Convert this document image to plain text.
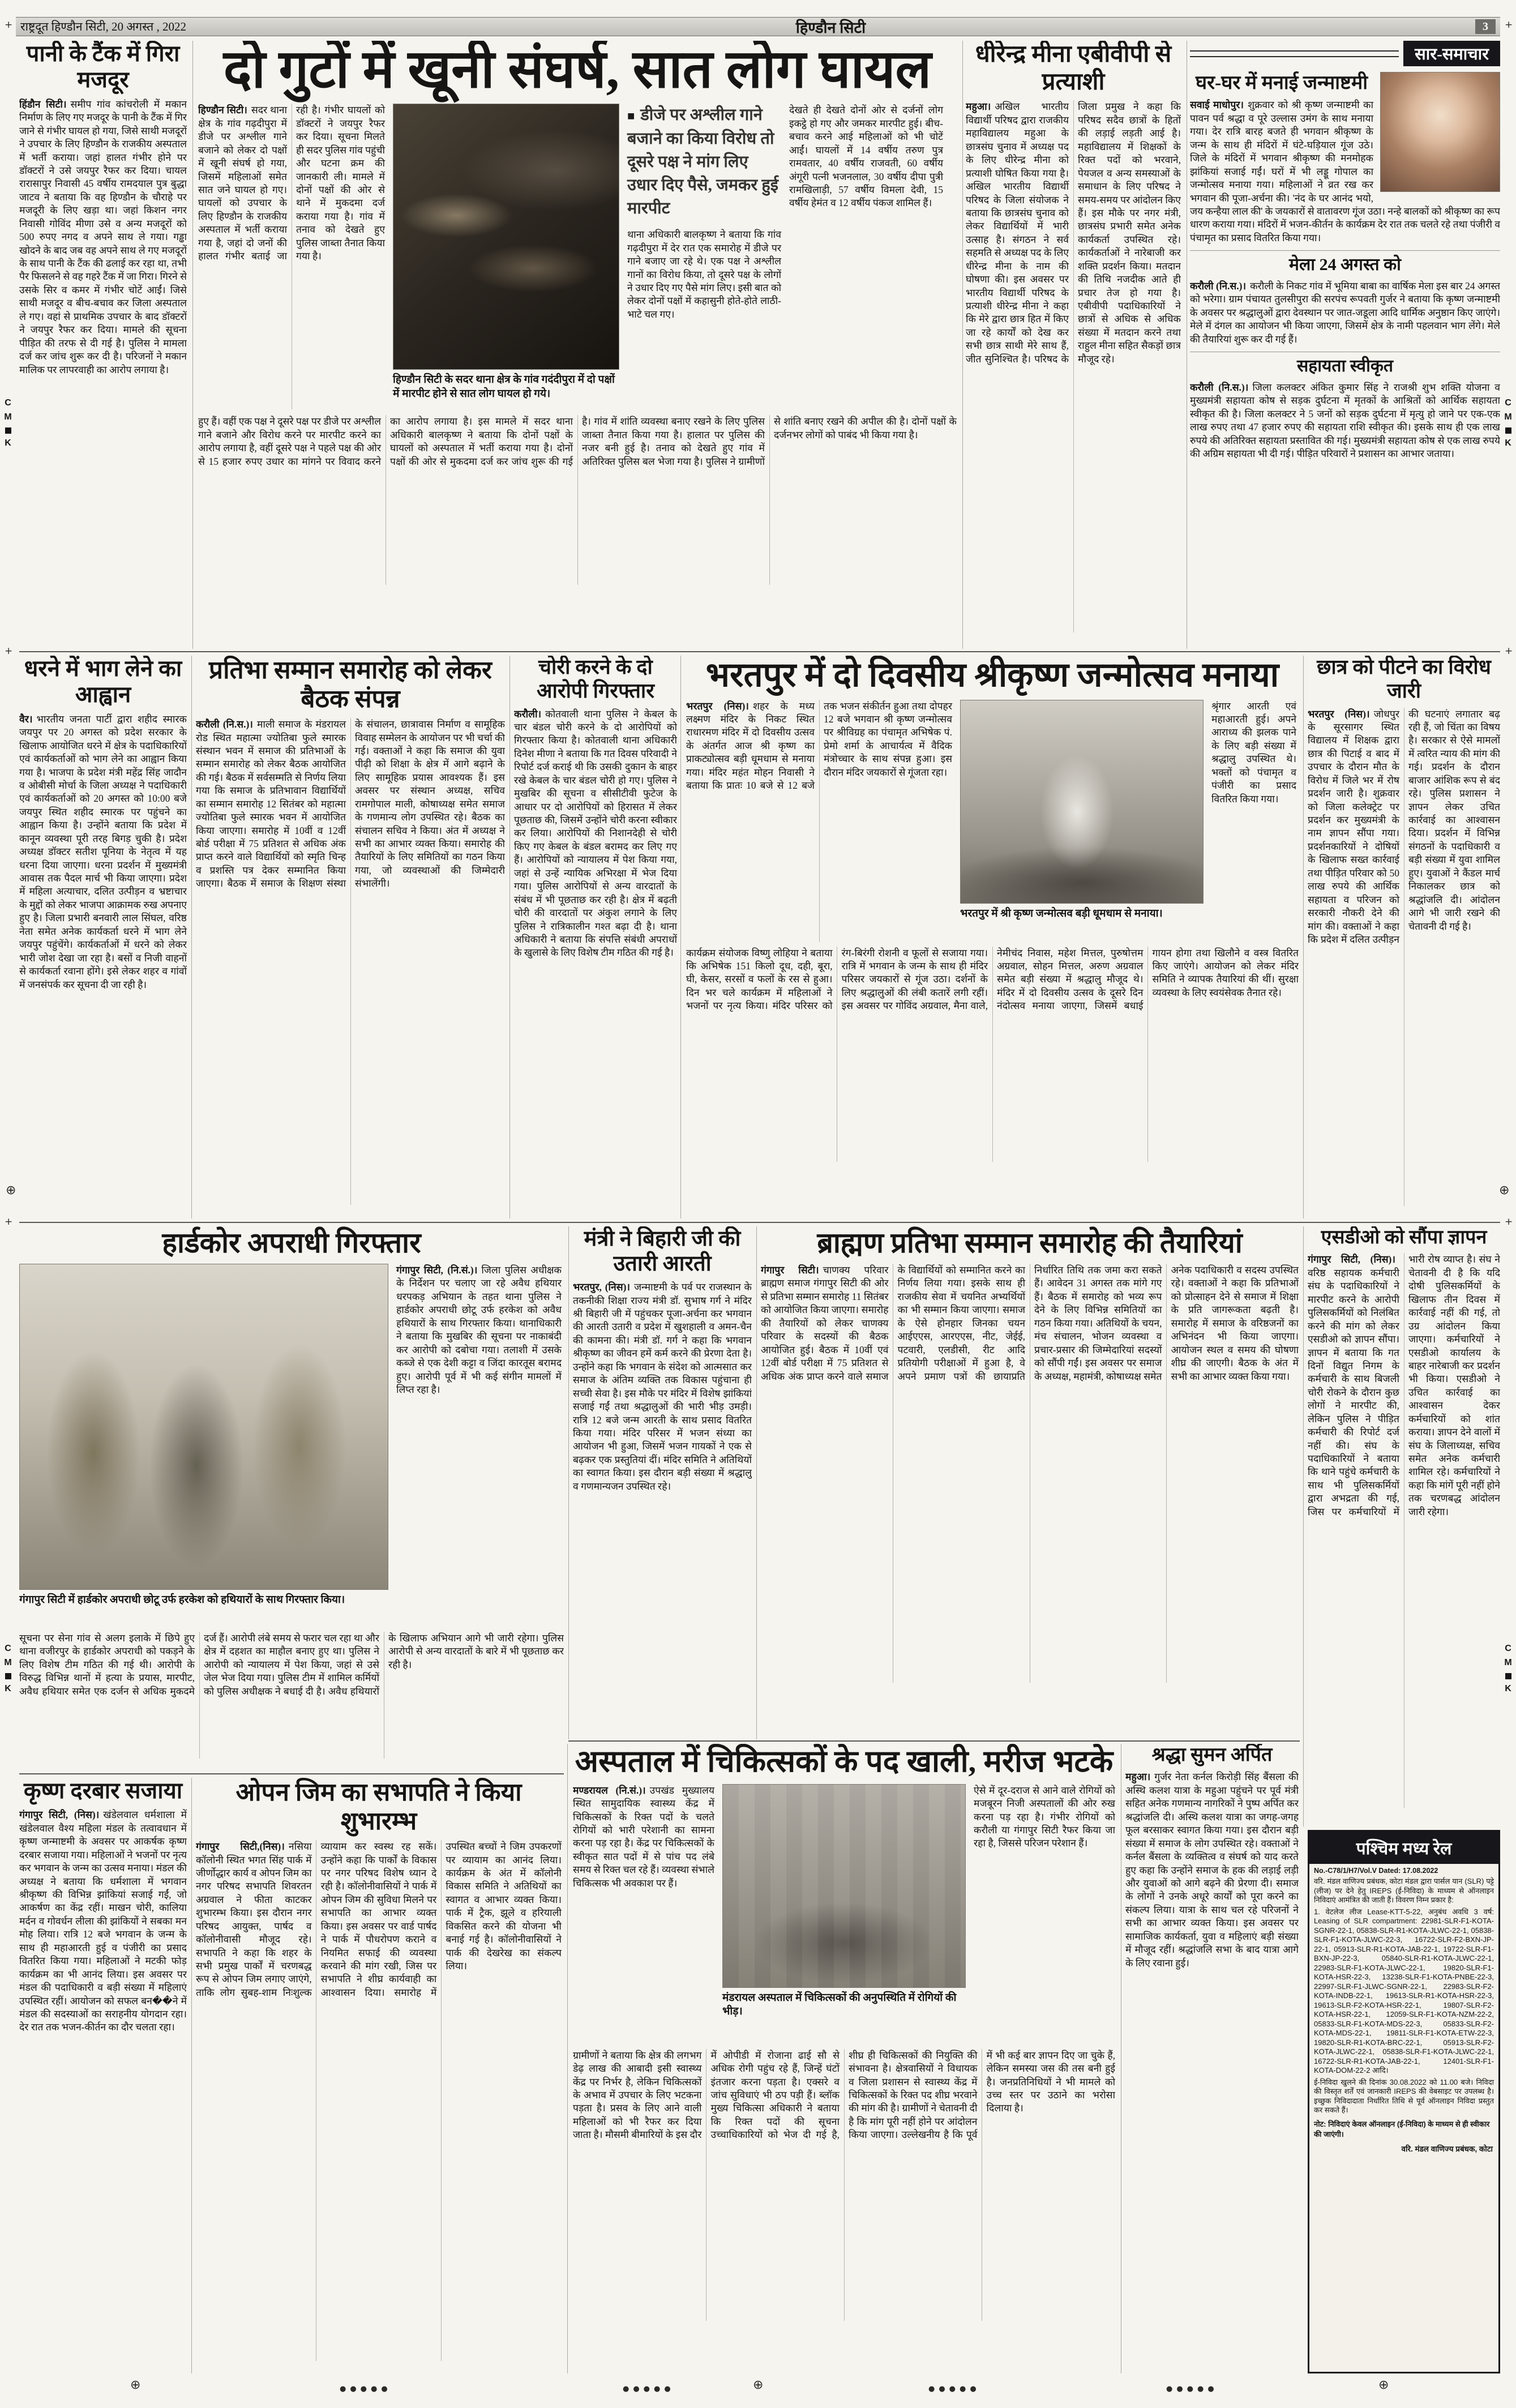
राष्ट्रदूत हिण्डौन सिटी, 20 अगस्त , 2022	हिण्डौन सिटी	3
पानी के टैंक में गिरा मजदूर
हिंडौन सिटी। समीप गांव कांचरोली में मकान निर्माण के लिए गए मजदूर के पानी के टैंक में गिर जाने से गंभीर घायल हो गया, जिसे साथी मजदूरों ने उपचार के लिए हिण्डौन के राजकीय अस्पताल में भर्ती कराया। जहां हालत गंभीर होने पर डॉक्टरों ने उसे जयपुर रैफर कर दिया। चायल रारासापुर निवासी 45 वर्षीय रामदयाल पुत्र बुद्धा जाटव ने बताया कि वह हिण्डौन के चौराहे पर मजदूरी के लिए खड़ा था। जहां किशन नगर निवासी गोविंद मीणा उसे व अन्य मजदूरों को 500 रुपए नगद व अपने साथ ले गया। गड्ढा खोदने के बाद जब वह अपने साथ ले गए मजदूरों के साथ पानी के टैंक की ढलाई कर रहा था, तभी पैर फिसलने से वह गहरे टैंक में जा गिरा। गिरने से उसके सिर व कमर में गंभीर चोटें आईं। जिसे साथी मजदूर व बीच-बचाव कर जिला अस्पताल ले गए। वहां से प्राथमिक उपचार के बाद डॉक्टरों ने जयपुर रैफर कर दिया। मामले की सूचना पीड़ित की तरफ से दी गई है। पुलिस ने मामला दर्ज कर जांच शुरू कर दी है। परिजनों ने मकान मालिक पर लापरवाही का आरोप लगाया है।
दो गुटों में खूनी संघर्ष, सात लोग घायल
हिण्डौन सिटी। सदर थाना क्षेत्र के गांव गढ़दीपुरा में डीजे पर अश्लील गाने बजाने को लेकर दो पक्षों में खूनी संघर्ष हो गया, जिसमें महिलाओं समेत सात जने घायल हो गए। घायलों को उपचार के लिए हिण्डौन के राजकीय अस्पताल में भर्ती कराया गया है, जहां दो जनों की हालत गंभीर बताई जा रही है। गंभीर घायलों को डॉक्टरों ने जयपुर रैफर कर दिया। सूचना मिलते ही सदर पुलिस गांव पहुंची और घटना क्रम की जानकारी ली। मामले में दोनों पक्षों की ओर से थाने में मुकदमा दर्ज कराया गया है। गांव में तनाव को देखते हुए पुलिस जाब्ता तैनात किया गया है।
हिण्डौन सिटी के सदर थाना क्षेत्र के गांव गदंदीपुरा में दो पक्षों में मारपीट होने से सात लोग घायल हो गये।
■ डीजे पर अश्लील गाने बजाने का किया विरोध तो दूसरे पक्ष ने मांग लिए उधार दिए पैसे, जमकर हुई मारपीट
थाना अधिकारी बालकृष्ण ने बताया कि गांव गढ़दीपुरा में देर रात एक समारोह में डीजे पर गाने बजाए जा रहे थे। एक पक्ष ने अश्लील गानों का विरोध किया, तो दूसरे पक्ष के लोगों ने उधार दिए गए पैसे मांग लिए। इसी बात को लेकर दोनों पक्षों में कहासुनी होते-होते लाठी-भाटे चल गए।
देखते ही देखते दोनों ओर से दर्जनों लोग इकट्ठे हो गए और जमकर मारपीट हुई। बीच-बचाव करने आई महिलाओं को भी चोटें आईं। घायलों में 14 वर्षीय तरुण पुत्र रामवतार, 40 वर्षीय राजवती, 60 वर्षीय अंगूरी पत्नी भजनलाल, 30 वर्षीय दीपा पुत्री रामखिलाड़ी, 57 वर्षीय विमला देवी, 15 वर्षीय हेमंत व 12 वर्षीय पंकज शामिल हैं।
हुए हैं। वहीं एक पक्ष ने दूसरे पक्ष पर डीजे पर अश्लील गाने बजाने और विरोध करने पर मारपीट करने का आरोप लगाया है, वहीं दूसरे पक्ष ने पहले पक्ष की ओर से 15 हजार रुपए उधार का मांगने पर विवाद करने का आरोप लगाया है। इस मामले में सदर थाना अधिकारी बालकृष्ण ने बताया कि दोनों पक्षों के घायलों को अस्पताल में भर्ती कराया गया है। दोनों पक्षों की ओर से मुकदमा दर्ज कर जांच शुरू की गई है। गांव में शांति व्यवस्था बनाए रखने के लिए पुलिस जाब्ता तैनात किया गया है। हालात पर पुलिस की नजर बनी हुई है। तनाव को देखते हुए गांव में अतिरिक्त पुलिस बल भेजा गया है। पुलिस ने ग्रामीणों से शांति बनाए रखने की अपील की है। दोनों पक्षों के दर्जनभर लोगों को पाबंद भी किया गया है।
धीरेन्द्र मीना एबीवीपी से प्रत्याशी
महुआ। अखिल भारतीय विद्यार्थी परिषद द्वारा राजकीय महाविद्यालय महुआ के छात्रसंघ चुनाव में अध्यक्ष पद के लिए धीरेन्द्र मीना को प्रत्याशी घोषित किया गया है। अखिल भारतीय विद्यार्थी परिषद के जिला संयोजक ने बताया कि छात्रसंघ चुनाव को लेकर विद्यार्थियों में भारी उत्साह है। संगठन ने सर्व सहमति से अध्यक्ष पद के लिए धीरेन्द्र मीना के नाम की घोषणा की। इस अवसर पर भारतीय विद्यार्थी परिषद के प्रत्याशी धीरेन्द्र मीना ने कहा कि मेरे द्वारा छात्र हित में किए जा रहे कार्यों को देख कर सभी छात्र साथी मेरे साथ हैं, जीत सुनिश्चित है। परिषद के जिला प्रमुख ने कहा कि परिषद सदैव छात्रों के हितों की लड़ाई लड़ती आई है। महाविद्यालय में शिक्षकों के रिक्त पदों को भरवाने, पेयजल व अन्य समस्याओं के समाधान के लिए परिषद ने समय-समय पर आंदोलन किए हैं। इस मौके पर नगर मंत्री, छात्रसंघ प्रभारी समेत अनेक कार्यकर्ता उपस्थित रहे। कार्यकर्ताओं ने नारेबाजी कर शक्ति प्रदर्शन किया। मतदान की तिथि नजदीक आते ही प्रचार तेज हो गया है। एबीवीपी पदाधिकारियों ने छात्रों से अधिक से अधिक संख्या में मतदान करने तथा राहुल मीना सहित सैकड़ों छात्र मौजूद रहे।
सार-समाचार
घर-घर में मनाई जन्माष्टमी
सवाई माधोपुर। शुक्रवार को श्री कृष्ण जन्माष्टमी का पावन पर्व श्रद्धा व पूरे उल्लास उमंग के साथ मनाया गया। देर रात्रि बारह बजते ही भगवान श्रीकृष्ण के जन्म के साथ ही मंदिरों में घंटे-घड़ियाल गूंज उठे। जिले के मंदिरों में भगवान श्रीकृष्ण की मनमोहक झांकियां सजाई गईं। घरों में भी लड्डू गोपाल का जन्मोत्सव मनाया गया। महिलाओं ने व्रत रख कर भगवान की पूजा-अर्चना की। 'नंद के घर आनंद भयो, जय कन्हैया लाल की' के जयकारों से वातावरण गूंज उठा। नन्हे बालकों को श्रीकृष्ण का रूप धारण कराया गया। मंदिरों में भजन-कीर्तन के कार्यक्रम देर रात तक चलते रहे तथा पंजीरी व पंचामृत का प्रसाद वितरित किया गया।
मेला 24 अगस्त को
करौली (नि.स.)। करौली के निकट गांव में भूमिया बाबा का वार्षिक मेला इस बार 24 अगस्त को भरेगा। ग्राम पंचायत तुलसीपुरा की सरपंच रूपवती गुर्जर ने बताया कि कृष्ण जन्माष्टमी के अवसर पर श्रद्धालुओं द्वारा देवस्थान पर जात-जडूला आदि धार्मिक अनुष्ठान किए जाएंगे। मेले में दंगल का आयोजन भी किया जाएगा, जिसमें क्षेत्र के नामी पहलवान भाग लेंगे। मेले की तैयारियां शुरू कर दी गई हैं।
सहायता स्वीकृत
करौली (नि.स.)। जिला कलक्टर अंकित कुमार सिंह ने राजश्री शुभ शक्ति योजना व मुख्यमंत्री सहायता कोष से सड़क दुर्घटना में मृतकों के आश्रितों को आर्थिक सहायता स्वीकृत की है। जिला कलक्टर ने 5 जनों को सड़क दुर्घटना में मृत्यु हो जाने पर एक-एक लाख रुपए तथा 47 हजार रुपए की सहायता राशि स्वीकृत की। इसके साथ ही एक लाख रुपये की अतिरिक्त सहायता प्रस्तावित की गई। मुख्यमंत्री सहायता कोष से एक लाख रुपये की अग्रिम सहायता भी दी गई। पीड़ित परिवारों ने प्रशासन का आभार जताया।
धरने में भाग लेने का आह्वान
वैर। भारतीय जनता पार्टी द्वारा शहीद स्मारक जयपुर पर 20 अगस्त को प्रदेश सरकार के खिलाफ आयोजित धरने में क्षेत्र के पदाधिकारियों एवं कार्यकर्ताओं को भाग लेने का आह्वान किया गया है। भाजपा के प्रदेश मंत्री महेंद्र सिंह जादौन व ओबीसी मोर्चा के जिला अध्यक्ष ने पदाधिकारी एवं कार्यकर्ताओं को 20 अगस्त को 10:00 बजे जयपुर स्थित शहीद स्मारक पर पहुंचने का आह्वान किया है। उन्होंने बताया कि प्रदेश में कानून व्यवस्था पूरी तरह बिगड़ चुकी है। प्रदेश अध्यक्ष डॉक्टर सतीश पूनिया के नेतृत्व में यह धरना दिया जाएगा। धरना प्रदर्शन में मुख्यमंत्री आवास तक पैदल मार्च भी किया जाएगा। प्रदेश में महिला अत्याचार, दलित उत्पीड़न व भ्रष्टाचार के मुद्दों को लेकर भाजपा आक्रामक रुख अपनाए हुए है। जिला प्रभारी बनवारी लाल सिंघल, वरिष्ठ नेता समेत अनेक कार्यकर्ता धरने में भाग लेने जयपुर पहुंचेंगे। कार्यकर्ताओं में धरने को लेकर भारी जोश देखा जा रहा है। बसों व निजी वाहनों से कार्यकर्ता रवाना होंगे। इसे लेकर शहर व गांवों में जनसंपर्क कर सूचना दी जा रही है।
प्रतिभा सम्मान समारोह को लेकर बैठक संपन्न
करौली (नि.स.)। माली समाज के मंडरायल रोड स्थित महात्मा ज्योतिबा फुले स्मारक संस्थान भवन में समाज की प्रतिभाओं के सम्मान समारोह को लेकर बैठक आयोजित की गई। बैठक में सर्वसम्मति से निर्णय लिया गया कि समाज के प्रतिभावान विद्यार्थियों का सम्मान समारोह 12 सितंबर को महात्मा ज्योतिबा फुले स्मारक भवन में आयोजित किया जाएगा। समारोह में 10वीं व 12वीं बोर्ड परीक्षा में 75 प्रतिशत से अधिक अंक प्राप्त करने वाले विद्यार्थियों को स्मृति चिन्ह व प्रशस्ति पत्र देकर सम्मानित किया जाएगा। बैठक में समाज के शिक्षण संस्था के संचालन, छात्रावास निर्माण व सामूहिक विवाह सम्मेलन के आयोजन पर भी चर्चा की गई। वक्ताओं ने कहा कि समाज की युवा पीढ़ी को शिक्षा के क्षेत्र में आगे बढ़ाने के लिए सामूहिक प्रयास आवश्यक हैं। इस अवसर पर संस्थान अध्यक्ष, सचिव रामगोपाल माली, कोषाध्यक्ष समेत समाज के गणमान्य लोग उपस्थित रहे। बैठक का संचालन सचिव ने किया। अंत में अध्यक्ष ने सभी का आभार व्यक्त किया। समारोह की तैयारियों के लिए समितियों का गठन किया गया, जो व्यवस्थाओं की जिम्मेदारी संभालेंगी।
चोरी करने के दो आरोपी गिरफ्तार
करौली। कोतवाली थाना पुलिस ने केबल के चार बंडल चोरी करने के दो आरोपियों को गिरफ्तार किया है। कोतवाली थाना अधिकारी दिनेश मीणा ने बताया कि गत दिवस परिवादी ने रिपोर्ट दर्ज कराई थी कि उसकी दुकान के बाहर रखे केबल के चार बंडल चोरी हो गए। पुलिस ने मुखबिर की सूचना व सीसीटीवी फुटेज के आधार पर दो आरोपियों को हिरासत में लेकर पूछताछ की, जिसमें उन्होंने चोरी करना स्वीकार कर लिया। आरोपियों की निशानदेही से चोरी किए गए केबल के बंडल बरामद कर लिए गए हैं। आरोपियों को न्यायालय में पेश किया गया, जहां से उन्हें न्यायिक अभिरक्षा में भेज दिया गया। पुलिस आरोपियों से अन्य वारदातों के संबंध में भी पूछताछ कर रही है। क्षेत्र में बढ़ती चोरी की वारदातों पर अंकुश लगाने के लिए पुलिस ने रात्रिकालीन गश्त बढ़ा दी है। थाना अधिकारी ने बताया कि संपत्ति संबंधी अपराधों के खुलासे के लिए विशेष टीम गठित की गई है।
भरतपुर में दो दिवसीय श्रीकृष्ण जन्मोत्सव मनाया
भरतपुर (निस)। शहर के मध्य लक्ष्मण मंदिर के निकट स्थित राधारमण मंदिर में दो दिवसीय उत्सव के अंतर्गत आज श्री कृष्ण का प्राकट्योत्सव बड़ी धूमधाम से मनाया गया। मंदिर महंत मोहन निवासी ने बताया कि प्रातः 10 बजे से 12 बजे तक भजन संकीर्तन हुआ तथा दोपहर 12 बजे भगवान श्री कृष्ण जन्मोत्सव पर श्रीविग्रह का पंचामृत अभिषेक पं. प्रेमो शर्मा के आचार्यत्व में वैदिक मंत्रोच्चार के साथ संपन्न हुआ। इस दौरान मंदिर जयकारों से गूंजता रहा।
भरतपुर में श्री कृष्ण जन्मोत्सव बड़ी धूमधाम से मनाया।
श्रृंगार आरती एवं महाआरती हुई। अपने आराध्य की झलक पाने के लिए बड़ी संख्या में श्रद्धालु उपस्थित थे। भक्तों को पंचामृत व पंजीरी का प्रसाद वितरित किया गया।
कार्यक्रम संयोजक विष्णु लोहिया ने बताया कि अभिषेक 151 किलो दूध, दही, बूरा, घी, केसर, सरसों व फलों के रस से हुआ। दिन भर चले कार्यक्रम में महिलाओं ने भजनों पर नृत्य किया। मंदिर परिसर को रंग-बिरंगी रोशनी व फूलों से सजाया गया। रात्रि में भगवान के जन्म के साथ ही मंदिर परिसर जयकारों से गूंज उठा। दर्शनों के लिए श्रद्धालुओं की लंबी कतारें लगी रहीं। इस अवसर पर गोविंद अग्रवाल, मैना वाले, नेमीचंद निवास, महेश मित्तल, पुरुषोत्तम अग्रवाल, सोहन मित्तल, अरुण अग्रवाल समेत बड़ी संख्या में श्रद्धालु मौजूद थे। मंदिर में दो दिवसीय उत्सव के दूसरे दिन नंदोत्सव मनाया जाएगा, जिसमें बधाई गायन होगा तथा खिलौने व वस्त्र वितरित किए जाएंगे। आयोजन को लेकर मंदिर समिति ने व्यापक तैयारियां की थीं। सुरक्षा व्यवस्था के लिए स्वयंसेवक तैनात रहे।
छात्र को पीटने का विरोध जारी
भरतपुर (निस)। जोधपुर के सूरसागर स्थित विद्यालय में शिक्षक द्वारा छात्र की पिटाई व बाद में उपचार के दौरान मौत के विरोध में जिले भर में रोष प्रदर्शन जारी है। शुक्रवार को जिला कलेक्ट्रेट पर प्रदर्शन कर मुख्यमंत्री के नाम ज्ञापन सौंपा गया। प्रदर्शनकारियों ने दोषियों के खिलाफ सख्त कार्रवाई तथा पीड़ित परिवार को 50 लाख रुपये की आर्थिक सहायता व परिजन को सरकारी नौकरी देने की मांग की। वक्ताओं ने कहा कि प्रदेश में दलित उत्पीड़न की घटनाएं लगातार बढ़ रही हैं, जो चिंता का विषय है। सरकार से ऐसे मामलों में त्वरित न्याय की मांग की गई। प्रदर्शन के दौरान बाजार आंशिक रूप से बंद रहे। पुलिस प्रशासन ने ज्ञापन लेकर उचित कार्रवाई का आश्वासन दिया। प्रदर्शन में विभिन्न संगठनों के पदाधिकारी व बड़ी संख्या में युवा शामिल हुए। युवाओं ने कैंडल मार्च निकालकर छात्र को श्रद्धांजलि दी। आंदोलन आगे भी जारी रखने की चेतावनी दी गई है।
हार्डकोर अपराधी गिरफ्तार
गंगापुर सिटी में हार्डकोर अपराधी छोटू उर्फ हरकेश को हथियारों के साथ गिरफ्तार किया।
गंगापुर सिटी, (नि.सं.)। जिला पुलिस अधीक्षक के निर्देशन पर चलाए जा रहे अवैध हथियार धरपकड़ अभियान के तहत थाना पुलिस ने हार्डकोर अपराधी छोटू उर्फ हरकेश को अवैध हथियारों के साथ गिरफ्तार किया। थानाधिकारी ने बताया कि मुखबिर की सूचना पर नाकाबंदी कर आरोपी को दबोचा गया। तलाशी में उसके कब्जे से एक देशी कट्टा व जिंदा कारतूस बरामद हुए। आरोपी पूर्व में भी कई संगीन मामलों में लिप्त रहा है।
सूचना पर सेना गांव से अलग इलाके में छिपे हुए थाना वजीरपुर के हार्डकोर अपराधी को पकड़ने के लिए विशेष टीम गठित की गई थी। आरोपी के विरुद्ध विभिन्न थानों में हत्या के प्रयास, मारपीट, अवैध हथियार समेत एक दर्जन से अधिक मुकदमे दर्ज हैं। आरोपी लंबे समय से फरार चल रहा था और क्षेत्र में दहशत का माहौल बनाए हुए था। पुलिस ने आरोपी को न्यायालय में पेश किया, जहां से उसे जेल भेज दिया गया। पुलिस टीम में शामिल कर्मियों को पुलिस अधीक्षक ने बधाई दी है। अवैध हथियारों के खिलाफ अभियान आगे भी जारी रहेगा। पुलिस आरोपी से अन्य वारदातों के बारे में भी पूछताछ कर रही है।
मंत्री ने बिहारी जी की उतारी आरती
भरतपुर, (निस)। जन्माष्टमी के पर्व पर राजस्थान के तकनीकी शिक्षा राज्य मंत्री डॉ. सुभाष गर्ग ने मंदिर श्री बिहारी जी में पहुंचकर पूजा-अर्चना कर भगवान की आरती उतारी व प्रदेश में खुशहाली व अमन-चैन की कामना की। मंत्री डॉ. गर्ग ने कहा कि भगवान श्रीकृष्ण का जीवन हमें कर्म करने की प्रेरणा देता है। उन्होंने कहा कि भगवान के संदेश को आत्मसात कर समाज के अंतिम व्यक्ति तक विकास पहुंचाना ही सच्ची सेवा है। इस मौके पर मंदिर में विशेष झांकियां सजाई गईं तथा श्रद्धालुओं की भारी भीड़ उमड़ी। रात्रि 12 बजे जन्म आरती के साथ प्रसाद वितरित किया गया। मंदिर परिसर में भजन संध्या का आयोजन भी हुआ, जिसमें भजन गायकों ने एक से बढ़कर एक प्रस्तुतियां दीं। मंदिर समिति ने अतिथियों का स्वागत किया। इस दौरान बड़ी संख्या में श्रद्धालु व गणमान्यजन उपस्थित रहे।
ब्राह्मण प्रतिभा सम्मान समारोह की तैयारियां
गंगापुर सिटी। चाणक्य परिवार ब्राह्मण समाज गंगापुर सिटी की ओर से प्रतिभा सम्मान समारोह 11 सितंबर को आयोजित किया जाएगा। समारोह की तैयारियों को लेकर चाणक्य परिवार के सदस्यों की बैठक आयोजित हुई। बैठक में 10वीं एवं 12वीं बोर्ड परीक्षा में 75 प्रतिशत से अधिक अंक प्राप्त करने वाले समाज के विद्यार्थियों को सम्मानित करने का निर्णय लिया गया। इसके साथ ही राजकीय सेवा में चयनित अभ्यर्थियों का भी सम्मान किया जाएगा। समाज के ऐसे होनहार जिनका चयन आईएएस, आरएएस, नीट, जेईई, पटवारी, एलडीसी, रीट आदि प्रतियोगी परीक्षाओं में हुआ है, वे अपने प्रमाण पत्रों की छायाप्रति निर्धारित तिथि तक जमा करा सकते हैं। आवेदन 31 अगस्त तक मांगे गए हैं। बैठक में समारोह को भव्य रूप देने के लिए विभिन्न समितियों का गठन किया गया। अतिथियों के चयन, मंच संचालन, भोजन व्यवस्था व प्रचार-प्रसार की जिम्मेदारियां सदस्यों को सौंपी गईं। इस अवसर पर समाज के अध्यक्ष, महामंत्री, कोषाध्यक्ष समेत अनेक पदाधिकारी व सदस्य उपस्थित रहे। वक्ताओं ने कहा कि प्रतिभाओं को प्रोत्साहन देने से समाज में शिक्षा के प्रति जागरूकता बढ़ती है। समारोह में समाज के वरिष्ठजनों का अभिनंदन भी किया जाएगा। आयोजन स्थल व समय की घोषणा शीघ्र की जाएगी। बैठक के अंत में सभी का आभार व्यक्त किया गया।
एसडीओ को सौंपा ज्ञापन
गंगापुर सिटी, (निस)।वरिष्ठ सहायक कर्मचारी संघ के पदाधिकारियों ने मारपीट करने के आरोपी पुलिसकर्मियों को निलंबित करने की मांग को लेकर एसडीओ को ज्ञापन सौंपा। ज्ञापन में बताया कि गत दिनों विद्युत निगम के कर्मचारी के साथ बिजली चोरी रोकने के दौरान कुछ लोगों ने मारपीट की, लेकिन पुलिस ने पीड़ित कर्मचारी की रिपोर्ट दर्ज नहीं की। संघ के पदाधिकारियों ने बताया कि थाने पहुंचे कर्मचारी के साथ भी पुलिसकर्मियों द्वारा अभद्रता की गई, जिस पर कर्मचारियों में भारी रोष व्याप्त है। संघ ने चेतावनी दी है कि यदि दोषी पुलिसकर्मियों के खिलाफ तीन दिवस में कार्रवाई नहीं की गई, तो उग्र आंदोलन किया जाएगा। कर्मचारियों ने एसडीओ कार्यालय के बाहर नारेबाजी कर प्रदर्शन भी किया। एसडीओ ने उचित कार्रवाई का आश्वासन देकर कर्मचारियों को शांत कराया। ज्ञापन देने वालों में संघ के जिलाध्यक्ष, सचिव समेत अनेक कर्मचारी शामिल रहे। कर्मचारियों ने कहा कि मांगें पूरी नहीं होने तक चरणबद्ध आंदोलन जारी रहेगा।
कृष्ण दरबार सजाया
गंगापुर सिटी, (निस)। खंडेलवाल धर्मशाला में खंडेलवाल वैश्य महिला मंडल के तत्वावधान में कृष्ण जन्माष्टमी के अवसर पर आकर्षक कृष्ण दरबार सजाया गया। महिलाओं ने भजनों पर नृत्य कर भगवान के जन्म का उत्सव मनाया। मंडल की अध्यक्ष ने बताया कि धर्मशाला में भगवान श्रीकृष्ण की विभिन्न झांकियां सजाई गईं, जो आकर्षण का केंद्र रहीं। माखन चोरी, कालिया मर्दन व गोवर्धन लीला की झांकियों ने सबका मन मोह लिया। रात्रि 12 बजे भगवान के जन्म के साथ ही महाआरती हुई व पंजीरी का प्रसाद वितरित किया गया। महिलाओं ने मटकी फोड़ कार्यक्रम का भी आनंद लिया। इस अवसर पर मंडल की पदाधिकारी व बड़ी संख्या में महिलाएं उपस्थित रहीं। आयोजन को सफल बन��ने में मंडल की सदस्याओं का सराहनीय योगदान रहा। देर रात तक भजन-कीर्तन का दौर चलता रहा।
ओपन जिम का सभापति ने किया शुभारम्भ
गंगापुर सिटी,(निस)। नसिया कॉलोनी स्थित भगत सिंह पार्क में जीर्णोद्धार कार्य व ओपन जिम का नगर परिषद सभापति शिवरतन अग्रवाल ने फीता काटकर शुभारम्भ किया। इस दौरान नगर परिषद आयुक्त, पार्षद व कॉलोनीवासी मौजूद रहे। सभापति ने कहा कि शहर के सभी प्रमुख पार्कों में चरणबद्ध रूप से ओपन जिम लगाए जाएंगे, ताकि लोग सुबह-शाम निःशुल्क व्यायाम कर स्वस्थ रह सकें। उन्होंने कहा कि पार्कों के विकास पर नगर परिषद विशेष ध्यान दे रही है। कॉलोनीवासियों ने पार्क में ओपन जिम की सुविधा मिलने पर सभापति का आभार व्यक्त किया। इस अवसर पर वार्ड पार्षद ने पार्क में पौधरोपण कराने व नियमित सफाई की व्यवस्था करवाने की मांग रखी, जिस पर सभापति ने शीघ्र कार्यवाही का आश्वासन दिया। समारोह में उपस्थित बच्चों ने जिम उपकरणों पर व्यायाम का आनंद लिया। कार्यक्रम के अंत में कॉलोनी विकास समिति ने अतिथियों का स्वागत व आभार व्यक्त किया। पार्क में ट्रैक, झूले व हरियाली विकसित करने की योजना भी बनाई गई है। कॉलोनीवासियों ने पार्क की देखरेख का संकल्प लिया।
अस्पताल में चिकित्सकों के पद खाली, मरीज भटके
मण्डरायल (नि.सं.)। उपखंड मुख्यालय स्थित सामुदायिक स्वास्थ्य केंद्र में चिकित्सकों के रिक्त पदों के चलते रोगियों को भारी परेशानी का सामना करना पड़ रहा है। केंद्र पर चिकित्सकों के स्वीकृत सात पदों में से पांच पद लंबे समय से रिक्त चल रहे हैं। व्यवस्था संभाले चिकित्सक भी अवकाश पर हैं।
मंडरायल अस्पताल में चिकित्सकों की अनुपस्थिति में रोगियों की भीड़।
ऐसे में दूर-दराज से आने वाले रोगियों को मजबूरन निजी अस्पतालों की ओर रुख करना पड़ रहा है। गंभीर रोगियों को करौली या गंगापुर सिटी रैफर किया जा रहा है, जिससे परिजन परेशान हैं।
ग्रामीणों ने बताया कि क्षेत्र की लगभग डेढ़ लाख की आबादी इसी स्वास्थ्य केंद्र पर निर्भर है, लेकिन चिकित्सकों के अभाव में उपचार के लिए भटकना पड़ता है। प्रसव के लिए आने वाली महिलाओं को भी रैफर कर दिया जाता है। मौसमी बीमारियों के इस दौर में ओपीडी में रोजाना ढाई सौ से अधिक रोगी पहुंच रहे हैं, जिन्हें घंटों इंतजार करना पड़ता है। एक्सरे व जांच सुविधाएं भी ठप पड़ी हैं। ब्लॉक मुख्य चिकित्सा अधिकारी ने बताया कि रिक्त पदों की सूचना उच्चाधिकारियों को भेज दी गई है, शीघ्र ही चिकित्सकों की नियुक्ति की संभावना है। क्षेत्रवासियों ने विधायक व जिला प्रशासन से स्वास्थ्य केंद्र में चिकित्सकों के रिक्त पद शीघ्र भरवाने की मांग की है। ग्रामीणों ने चेतावनी दी है कि मांग पूरी नहीं होने पर आंदोलन किया जाएगा। उल्लेखनीय है कि पूर्व में भी कई बार ज्ञापन दिए जा चुके हैं, लेकिन समस्या जस की तस बनी हुई है। जनप्रतिनिधियों ने भी मामले को उच्च स्तर पर उठाने का भरोसा दिलाया है।
श्रद्धा सुमन अर्पित
महुआ। गुर्जर नेता कर्नल किरोड़ी सिंह बैंसला की अस्थि कलश यात्रा के महुआ पहुंचने पर पूर्व मंत्री सहित अनेक गणमान्य नागरिकों ने पुष्प अर्पित कर श्रद्धांजलि दी। अस्थि कलश यात्रा का जगह-जगह फूल बरसाकर स्वागत किया गया। इस दौरान बड़ी संख्या में समाज के लोग उपस्थित रहे। वक्ताओं ने कर्नल बैंसला के व्यक्तित्व व संघर्ष को याद करते हुए कहा कि उन्होंने समाज के हक की लड़ाई लड़ी और युवाओं को आगे बढ़ने की प्रेरणा दी। समाज के लोगों ने उनके अधूरे कार्यों को पूरा करने का संकल्प लिया। यात्रा के साथ चल रहे परिजनों ने सभी का आभार व्यक्त किया। इस अवसर पर सामाजिक कार्यकर्ता, युवा व महिलाएं बड़ी संख्या में मौजूद रहीं। श्रद्धांजलि सभा के बाद यात्रा आगे के लिए रवाना हुई।
पश्चिम मध्य रेल
No.-C78/1/H7/Vol.V Dated: 17.08.2022
वरि. मंडल वाणिज्य प्रबंधक, कोटा मंडल द्वारा पार्सल यान (SLR) पट्टे (लीज) पर देने हेतु IREPS (ई-निविदा) के माध्यम से ऑनलाइन निविदाएं आमंत्रित की जाती हैं। विवरण निम्न प्रकार है:
1. वेटलेज लीज Lease-KTT-5-22, अनुबंध अवधि 3 वर्ष: Leasing of SLR compartment: 22981-SLR-F1-KOTA-SGNR-22-1, 05838-SLR-R1-KOTA-JLWC-22-1, 05838-SLR-F1-KOTA-JLWC-22-3, 16722-SLR-F2-BXN-JP-22-1, 05913-SLR-R1-KOTA-JAB-22-1, 19722-SLR-F1-BXN-JP-22-3, 05840-SLR-R1-KOTA-JLWC-22-1, 22983-SLR-F1-KOTA-JLWC-22-1, 19820-SLR-F1-KOTA-HSR-22-3, 13238-SLR-F1-KOTA-PNBE-22-3, 22997-SLR-F1-JLWC-SGNR-22-1, 22983-SLR-F2-KOTA-INDB-22-1, 19613-SLR-R1-KOTA-HSR-22-3, 19613-SLR-F2-KOTA-HSR-22-1, 19807-SLR-F2-KOTA-HSR-22-1, 12059-SLR-F1-KOTA-NZM-22-2, 05833-SLR-F1-KOTA-MDS-22-3, 05833-SLR-F2-KOTA-MDS-22-1, 19811-SLR-F1-KOTA-ETW-22-3, 19820-SLR-R1-KOTA-BRC-22-1, 05913-SLR-F2-KOTA-JLWC-22-1, 05838-SLR-F1-KOTA-JLWC-22-1, 16722-SLR-R1-KOTA-JAB-22-1, 12401-SLR-F1-KOTA-DOM-22-2 आदि।
ई-निविदा खुलने की दिनांक 30.08.2022 को 11.00 बजे। निविदा की विस्तृत शर्तें एवं जानकारी IREPS की वेबसाइट पर उपलब्ध है। इच्छुक निविदादाता निर्धारित तिथि से पूर्व ऑनलाइन निविदा प्रस्तुत कर सकते हैं।
नोट: निविदाएं केवल ऑनलाइन (ई-निविदा) के माध्यम से ही स्वीकार की जाएंगी।
वरि. मंडल वाणिज्य प्रबंधक, कोटा
C
M
K
C
M
K
C
M
K
C
M
K
+	+
+	+
+	+
⊕	⊕
⊕	⊕	⊕
●●●●●	●●●●●	●●●●●	●●●●●
